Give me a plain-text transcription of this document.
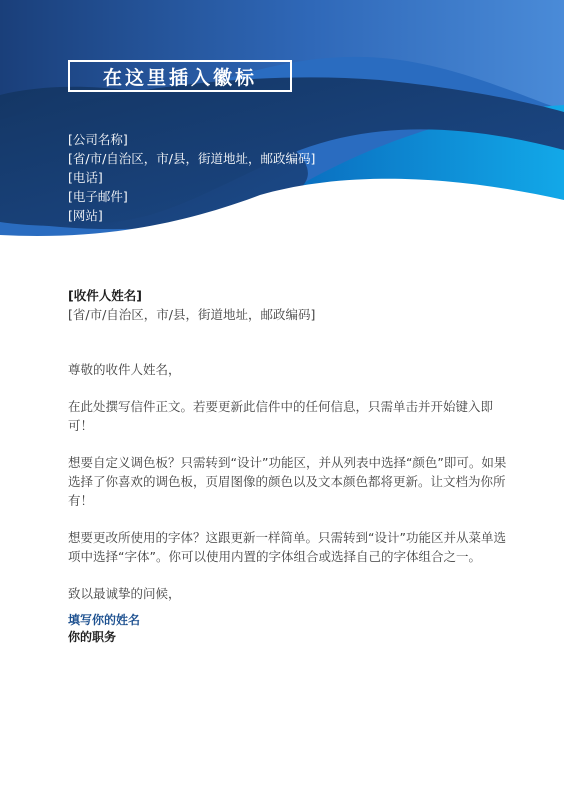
在这里插入徽标
[公司名称]
[省/市/自治区，市/县，街道地址，邮政编码]
[电话]
[电子邮件]
[网站]
[收件人姓名]
[省/市/自治区，市/县，街道地址，邮政编码]

尊敬的收件人姓名，

在此处撰写信件正文。若要更新此信件中的任何信息，只需单击并开始键入即可！

想要自定义调色板？只需转到“设计”功能区，并从列表中选择“颜色”即可。如果选择了你喜欢的调色板，页眉图像的颜色以及文本颜色都将更新。让文档为你所有！

想要更改所使用的字体？这跟更新一样简单。只需转到“设计”功能区并从菜单选项中选择“字体”。你可以使用内置的字体组合或选择自己的字体组合之一。

致以最诚挚的问候，

填写你的姓名
你的职务
